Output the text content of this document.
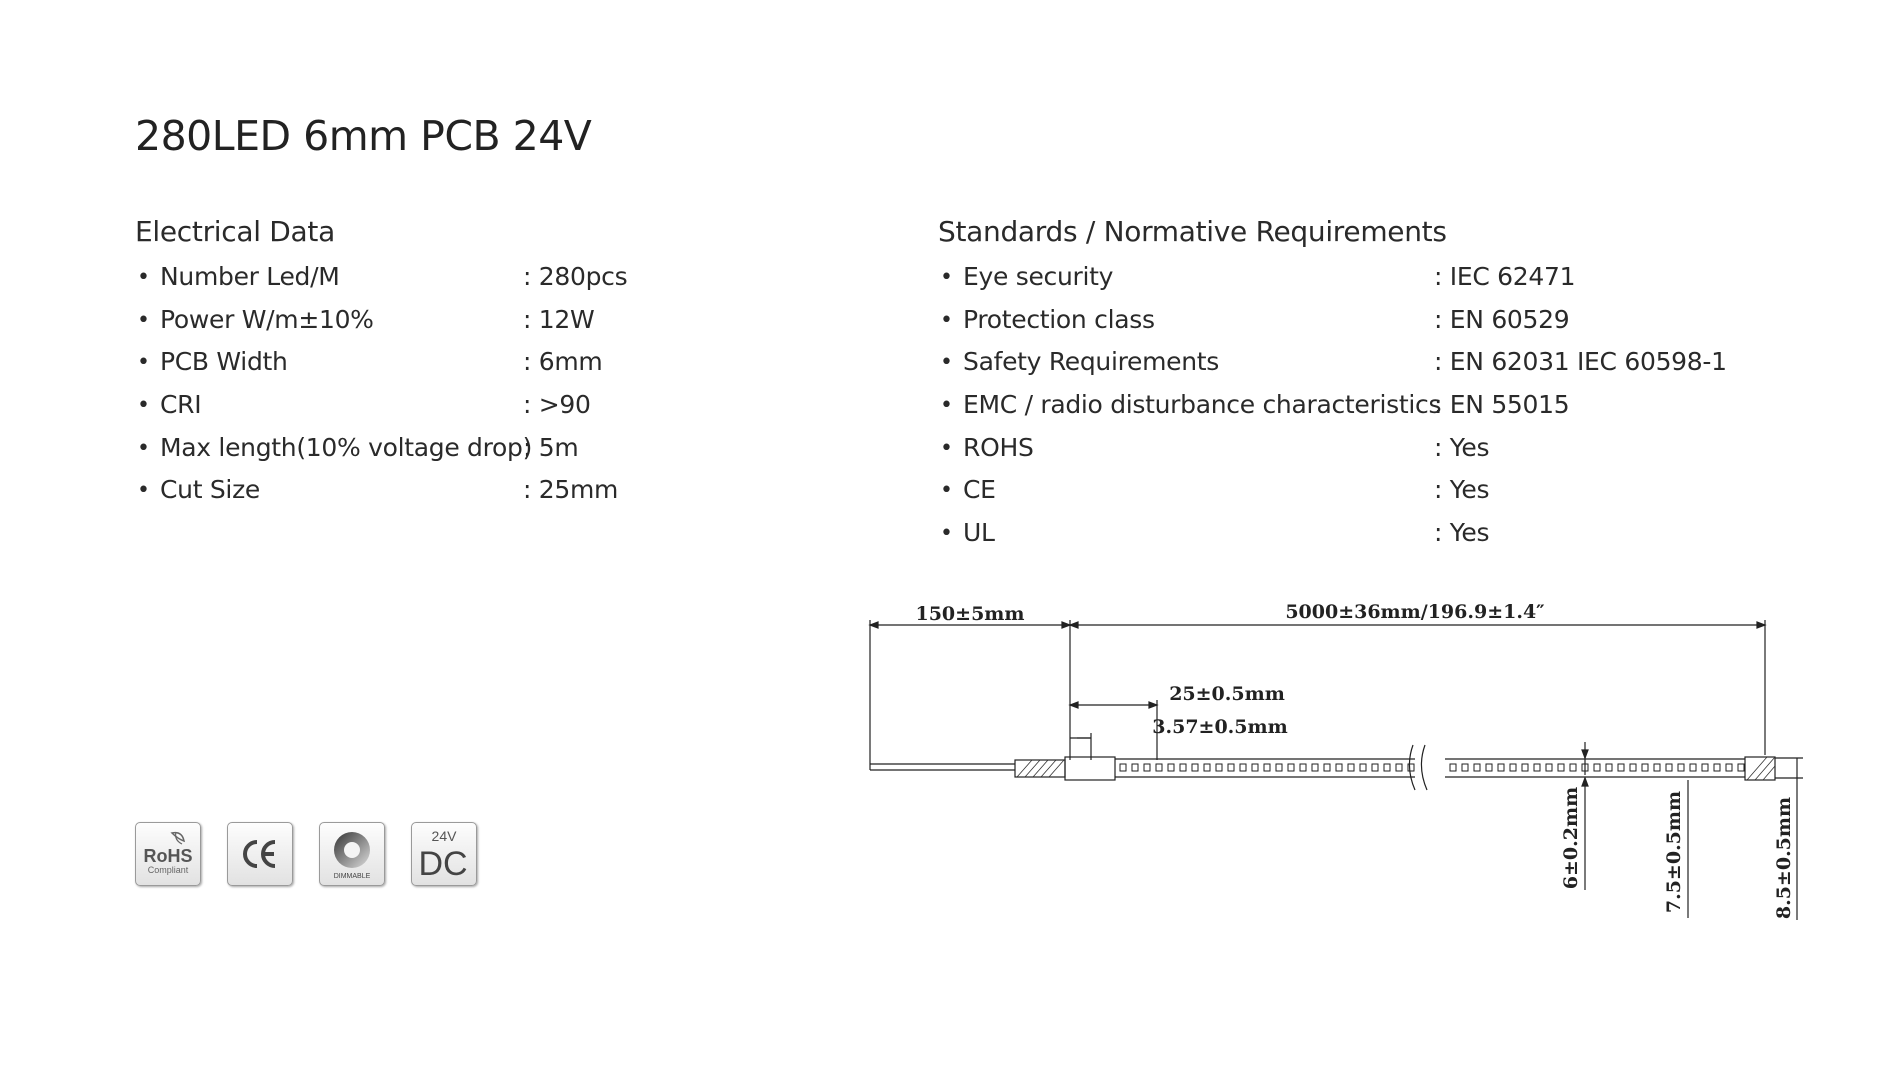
280LED 6mm PCB 24V
Electrical Data
• Number Led/M	: 280pcs
• Power W/m±10%	: 12W
• PCB Width	: 6mm
• CRI	: >90
• Max length(10% voltage drop)
: 5m
• Cut Size	: 25mm
Standards / Normative Requirements
• Eye security	: IEC 62471
• Protection class	: EN 60529
• Safety Requirements	: EN 62031 IEC 60598-1
• EMC / radio disturbance characteristics
: EN 55015
• ROHS	: Yes
• CE	: Yes
• UL	: Yes
RoHS
Compliant
DIMMABLE
24V
DC
150±5mm	5000±36mm/196.9±1.4″
25±0.5mm
3.57±0.5mm
6±0.2mm	7.5±0.5mm	8.5±0.5mm
